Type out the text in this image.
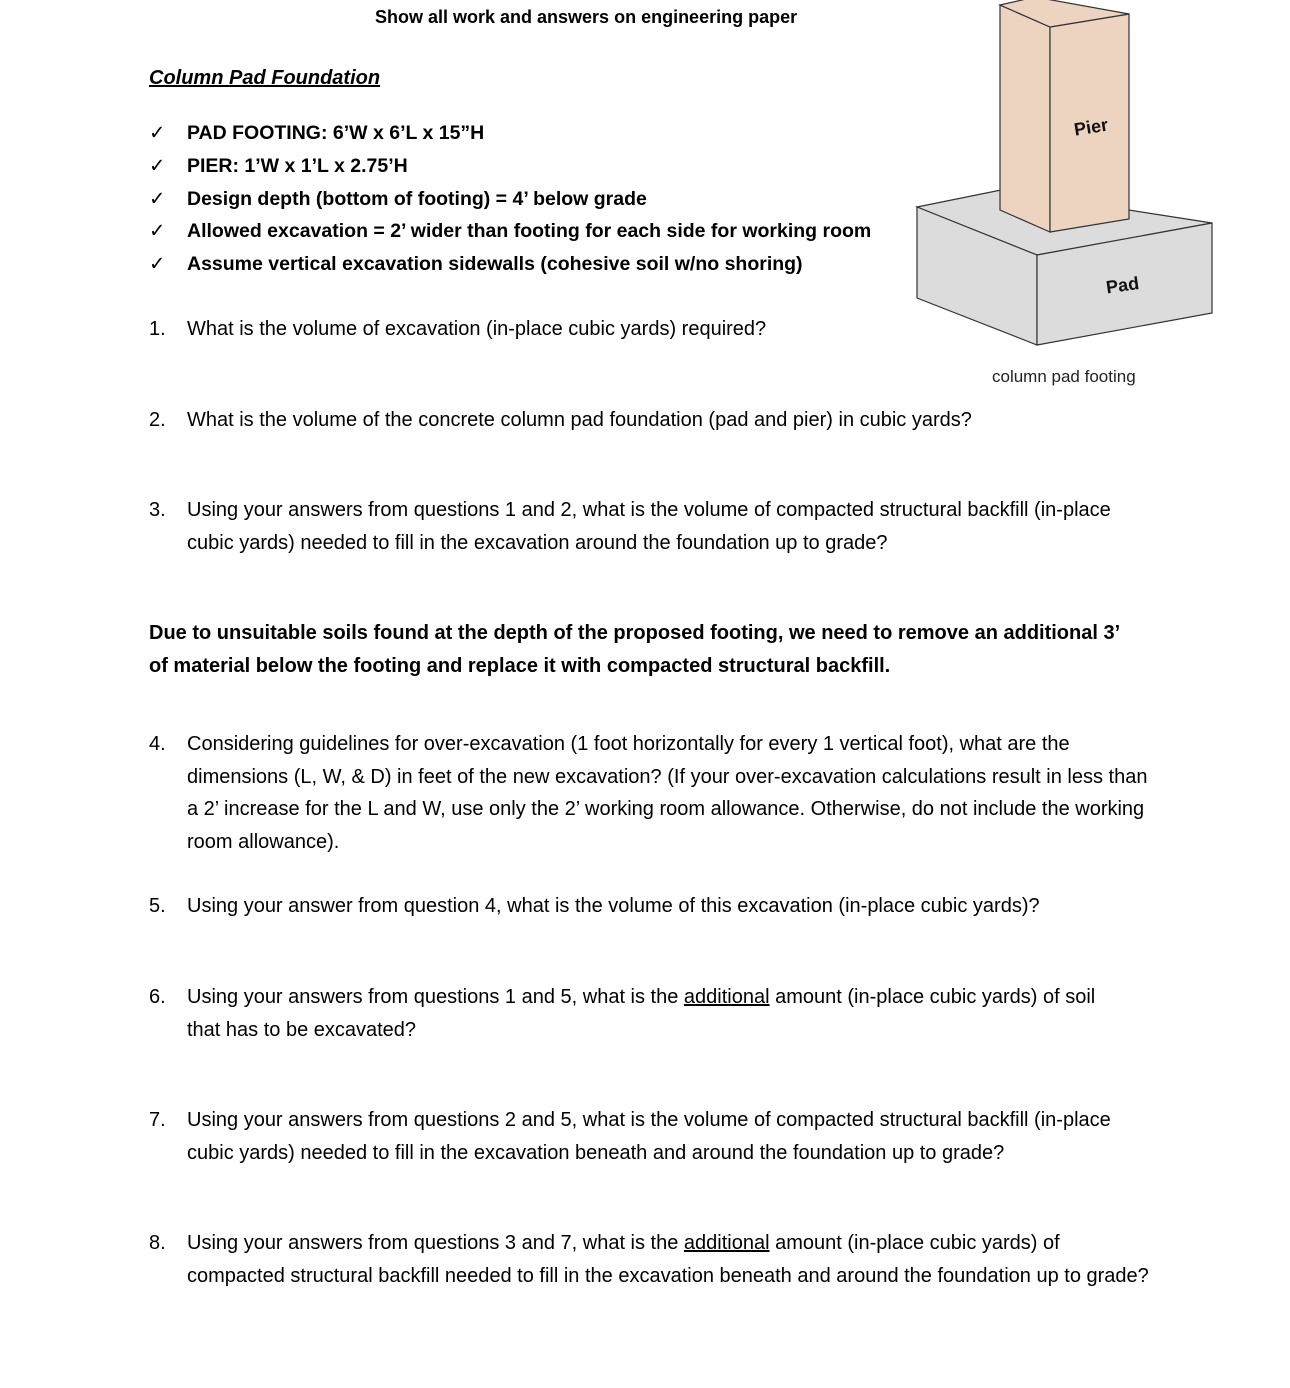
Show all work and answers on engineering paper
Column Pad Foundation
✓ PAD FOOTING: 6’W x 6’L x 15”H
✓ PIER: 1’W x 1’L x 2.75’H
✓ Design depth (bottom of footing) = 4’ below grade
✓ Allowed excavation = 2’ wider than footing for each side for working room
✓ Assume vertical excavation sidewalls (cohesive soil w/no shoring)
Pier
Pad
column pad footing
1. What is the volume of excavation (in-place cubic yards) required?
2. What is the volume of the concrete column pad foundation (pad and pier) in cubic yards?
3. Using your answers from questions 1 and 2, what is the volume of compacted structural backfill (in-place cubic yards) needed to fill in the excavation around the foundation up to grade?
Due to unsuitable soils found at the depth of the proposed footing, we need to remove an additional 3’ of material below the footing and replace it with compacted structural backfill.
4. Considering guidelines for over-excavation (1 foot horizontally for every 1 vertical foot), what are the dimensions (L, W, & D) in feet of the new excavation? (If your over-excavation calculations result in less than a 2’ increase for the L and W, use only the 2’ working room allowance. Otherwise, do not include the working room allowance).
5. Using your answer from question 4, what is the volume of this excavation (in-place cubic yards)?
6. Using your answers from questions 1 and 5, what is the additional amount (in-place cubic yards) of soil that has to be excavated?
7. Using your answers from questions 2 and 5, what is the volume of compacted structural backfill (in-place cubic yards) needed to fill in the excavation beneath and around the foundation up to grade?
8. Using your answers from questions 3 and 7, what is the additional amount (in-place cubic yards) of compacted structural backfill needed to fill in the excavation beneath and around the foundation up to grade?
